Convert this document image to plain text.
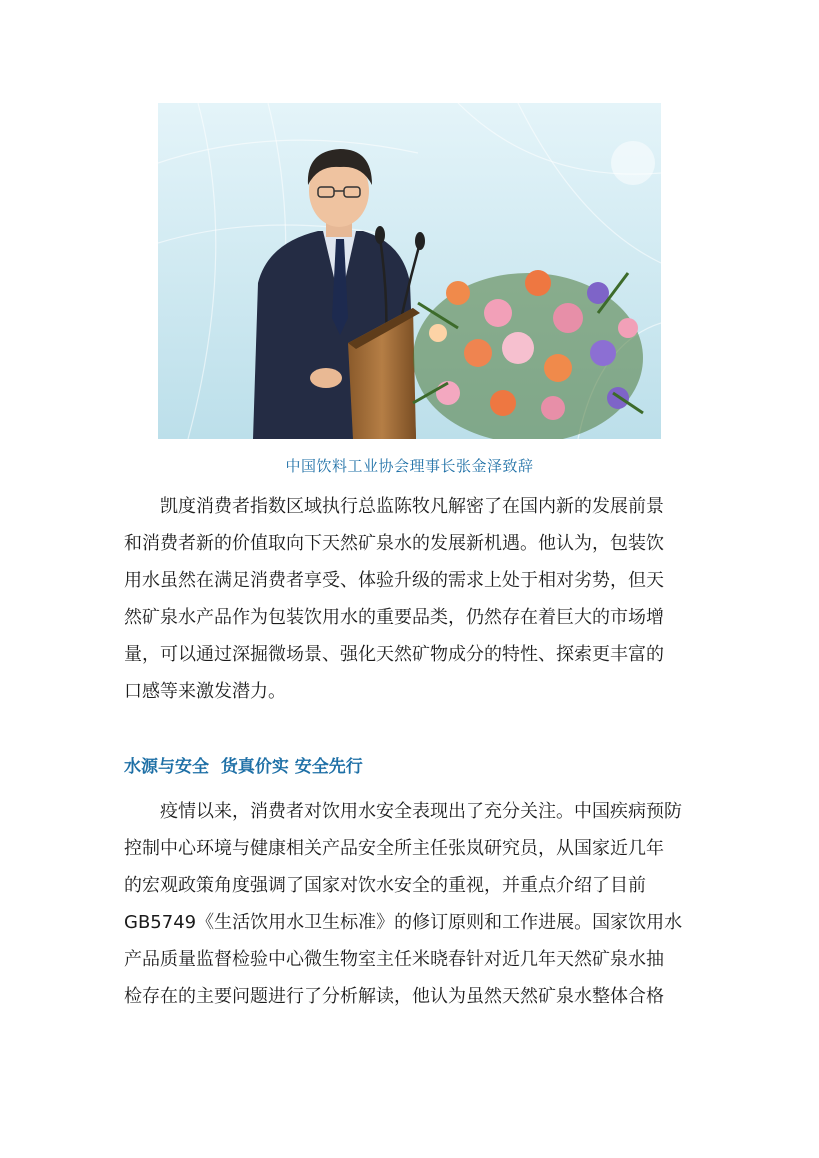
中国饮料工业协会理事长张金泽致辞

凯度消费者指数区域执行总监陈牧凡解密了在国内新的发展前景
和消费者新的价值取向下天然矿泉水的发展新机遇。他认为，包装饮
用水虽然在满足消费者享受、体验升级的需求上处于相对劣势，但天
然矿泉水产品作为包装饮用水的重要品类，仍然存在着巨大的市场增
量，可以通过深掘微场景、强化天然矿物成分的特性、探索更丰富的
口感等来激发潜力。

水源与安全  货真价实 安全先行

疫情以来，消费者对饮用水安全表现出了充分关注。中国疾病预防
控制中心环境与健康相关产品安全所主任张岚研究员，从国家近几年
的宏观政策角度强调了国家对饮水安全的重视，并重点介绍了目前
GB5749《生活饮用水卫生标准》的修订原则和工作进展。国家饮用水
产品质量监督检验中心微生物室主任米晓春针对近几年天然矿泉水抽
检存在的主要问题进行了分析解读，他认为虽然天然矿泉水整体合格
